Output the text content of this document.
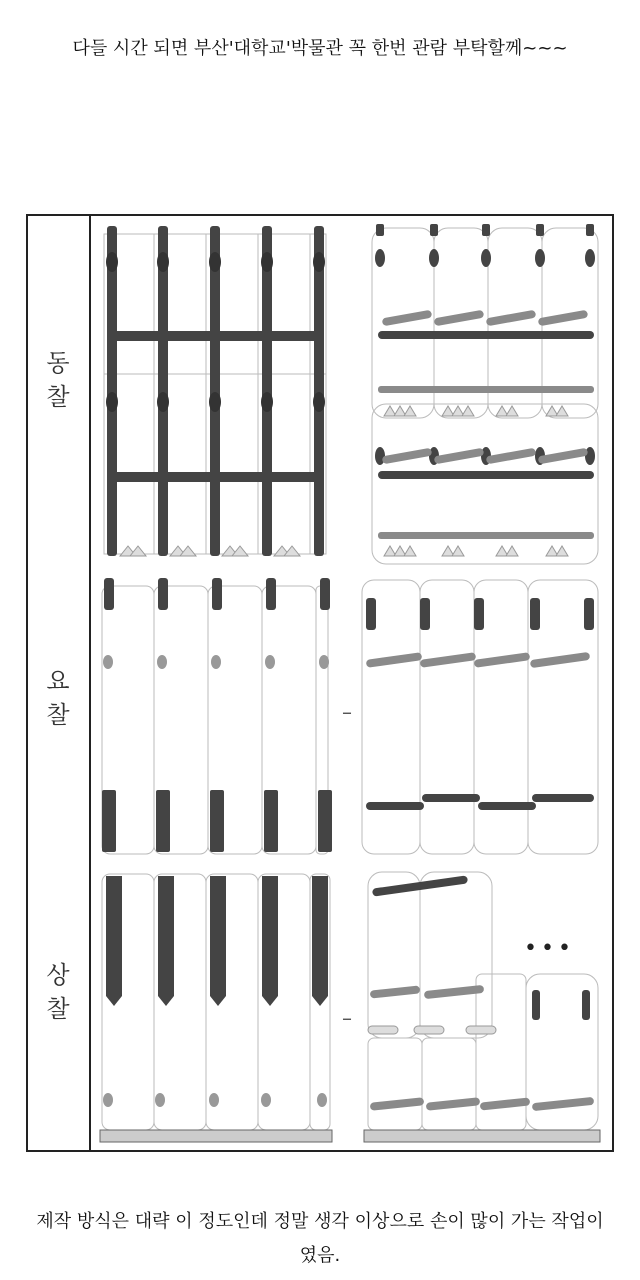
다들 시간 되면 부산'대학교'박물관 꼭 한번 관람 부탁할께~~~
동
찰
요
찰
상
찰
–
–
•••
제작 방식은 대략 이 정도인데 정말 생각 이상으로 손이 많이 가는 작업이였음.
